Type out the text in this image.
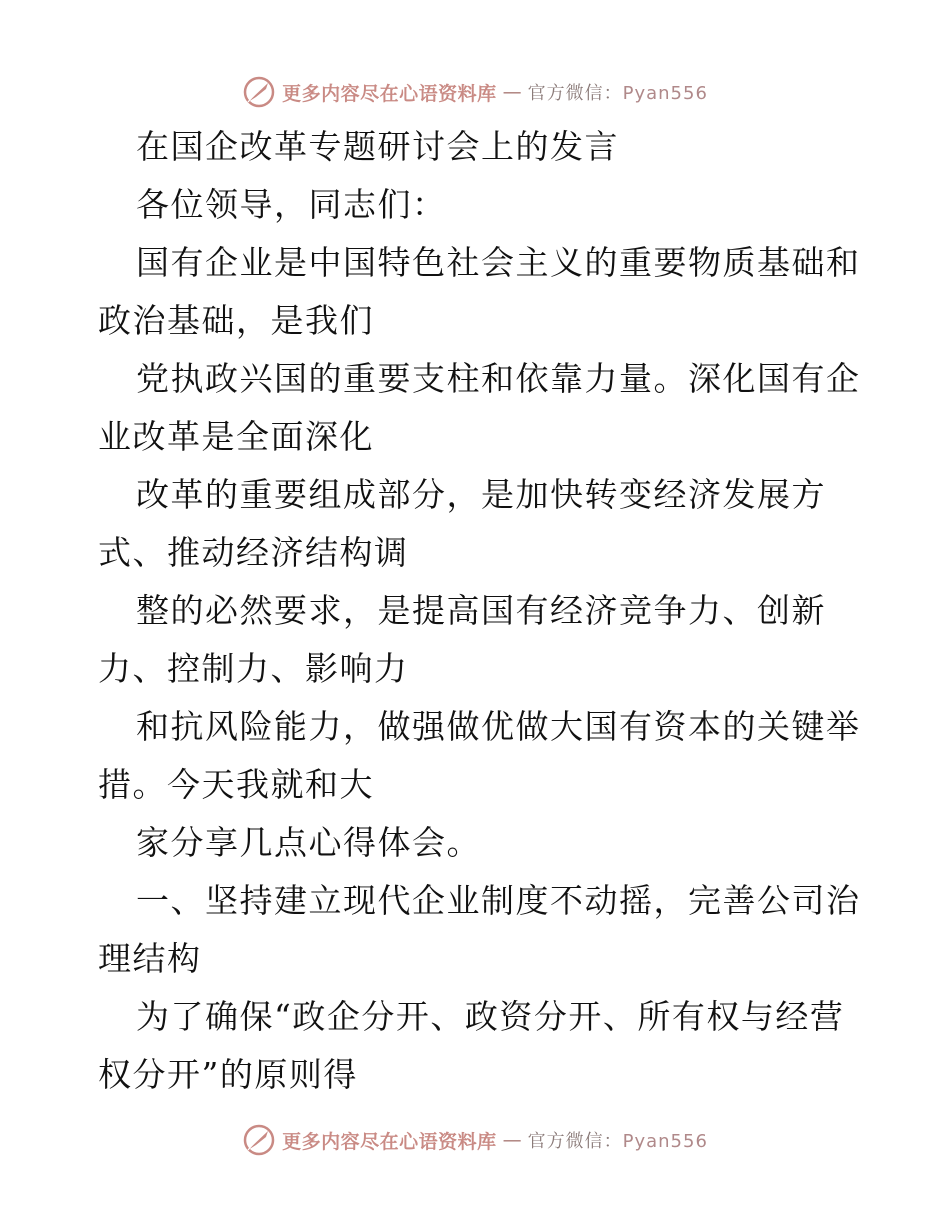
更多内容尽在心语资料库 — 官方微信：Pyan556
在国企改革专题研讨会上的发言
各位领导，同志们：
国有企业是中国特色社会主义的重要物质基础和
政治基础，是我们
党执政兴国的重要支柱和依靠力量。深化国有企
业改革是全面深化
改革的重要组成部分，是加快转变经济发展方
式、推动经济结构调
整的必然要求，是提高国有经济竞争力、创新
力、控制力、影响力
和抗风险能力，做强做优做大国有资本的关键举
措。今天我就和大
家分享几点心得体会。
一、坚持建立现代企业制度不动摇，完善公司治
理结构
为了确保“政企分开、政资分开、所有权与经营
权分开”的原则得
更多内容尽在心语资料库 — 官方微信：Pyan556
